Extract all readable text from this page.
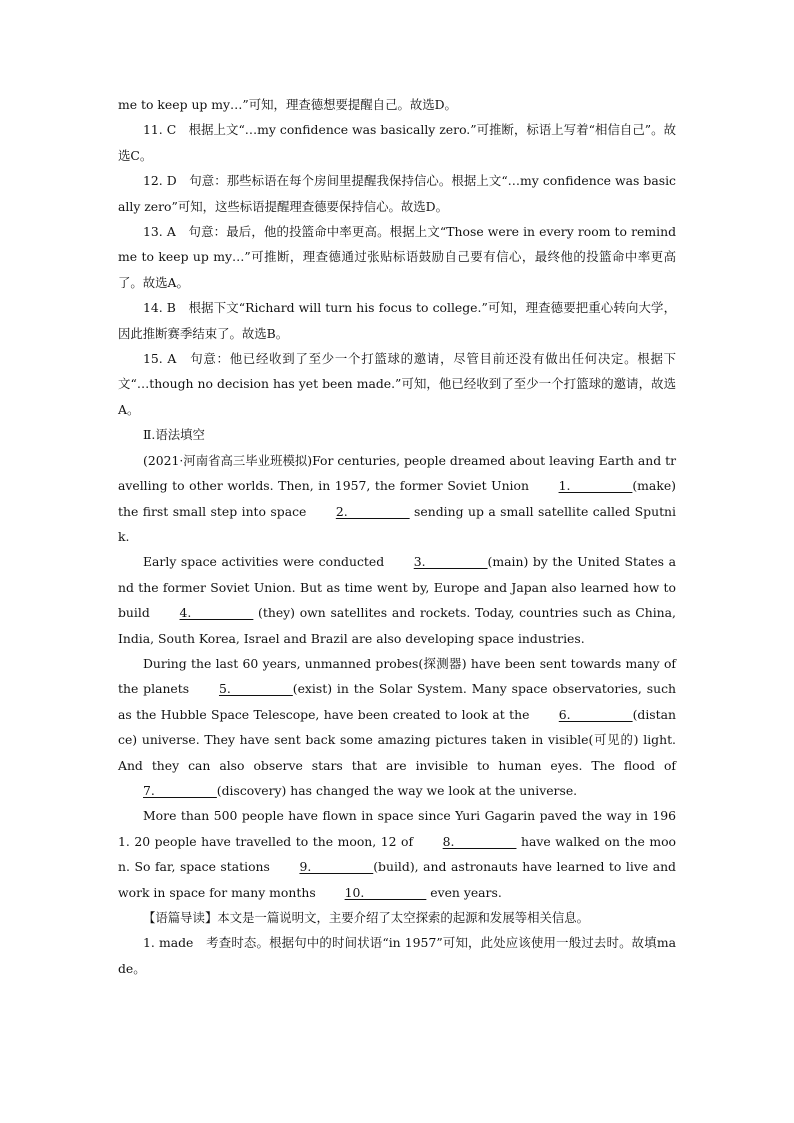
me to keep up my…”可知，理查德想要提醒自己。故选D。

11. C　根据上文“…my confidence was basically zero.”可推断，标语上写着“相信自己”。故选C。

12. D　句意：那些标语在每个房间里提醒我保持信心。根据上文“…my confidence was basically zero”可知，这些标语提醒理查德要保持信心。故选D。

13. A　句意：最后，他的投篮命中率更高。根据上文“Those were in every room to remind me to keep up my…”可推断，理查德通过张贴标语鼓励自己要有信心，最终他的投篮命中率更高了。故选A。

14. B　根据下文“Richard will turn his focus to college.”可知，理查德要把重心转向大学，因此推断赛季结束了。故选B。

15. A　句意：他已经收到了至少一个打篮球的邀请，尽管目前还没有做出任何决定。根据下文“…though no decision has yet been made.”可知，他已经收到了至少一个打篮球的邀请，故选A。

Ⅱ.语法填空

(2021·河南省高三毕业班模拟)For centuries, people dreamed about leaving Earth and travelling to other worlds. Then, in 1957, the former Soviet Union 1.__________(make) the first small step into space 2.__________ sending up a small satellite called Sputnik.

Early space activities were conducted 3.__________(main) by the United States and the former Soviet Union. But as time went by, Europe and Japan also learned how to build 4.__________ (they) own satellites and rockets. Today, countries such as China, India, South Korea, Israel and Brazil are also developing space industries.

During the last 60 years, unmanned probes(探测器) have been sent towards many of the planets 5.__________(exist) in the Solar System. Many space observatories, such as the Hubble Space Telescope, have been created to look at the 6.__________(distance) universe. They have sent back some amazing pictures taken in visible(可见的) light. And they can also observe stars that are invisible to human eyes. The flood of 7.__________(discovery) has changed the way we look at the universe.

More than 500 people have flown in space since Yuri Gagarin paved the way in 1961. 20 people have travelled to the moon, 12 of 8.__________ have walked on the moon. So far, space stations 9.__________(build), and astronauts have learned to live and work in space for many months 10.__________ even years.

【语篇导读】本文是一篇说明文，主要介绍了太空探索的起源和发展等相关信息。

1. made　考查时态。根据句中的时间状语“in 1957”可知，此处应该使用一般过去时。故填made。
